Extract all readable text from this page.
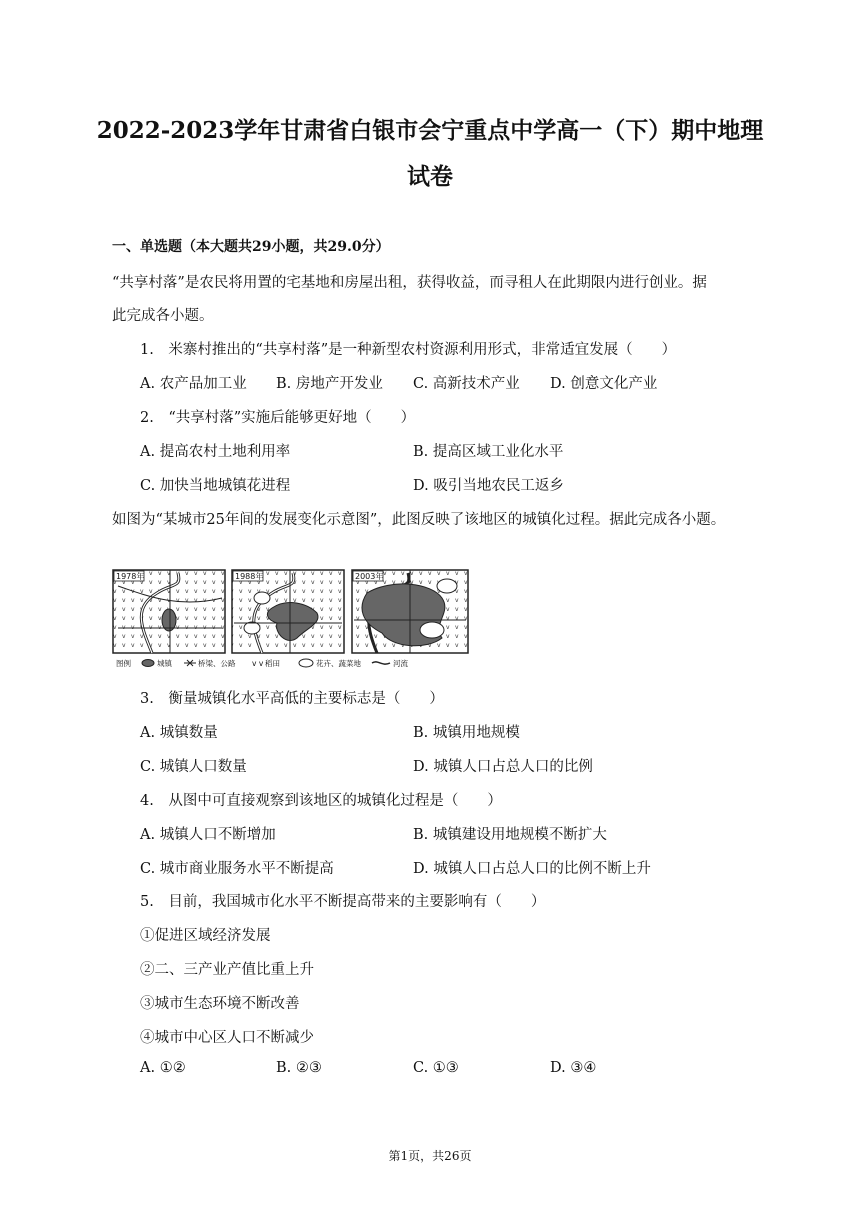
2022-2023学年甘肃省白银市会宁重点中学高一（下）期中地理
试卷
一、单选题（本大题共29小题，共29.0分）
“共享村落”是农民将用置的宅基地和房屋出租，获得收益，而寻租人在此期限内进行创业。据
此完成各小题。
1.　米寨村推出的“共享村落”是一种新型农村资源利用形式，非常适宜发展（　　）
A. 农产品加工业 B. 房地产开发业 C. 高新技术产业 D. 创意文化产业
2.　“共享村落”实施后能够更好地（　　）
A. 提高农村土地利用率	B. 提高区域工业化水平
C. 加快当地城镇花进程	D. 吸引当地农民工返乡
如图为“某城市25年间的发展变化示意图”，此图反映了该地区的城镇化过程。据此完成各小题。
1978年	1988年	2003年
图例	城镇	桥梁、公路 v v 稻田	花卉、蔬菜地	河流
3.　衡量城镇化水平高低的主要标志是（　　）
A. 城镇数量	B. 城镇用地规模
C. 城镇人口数量	D. 城镇人口占总人口的比例
4.　从图中可直接观察到该地区的城镇化过程是（　　）
A. 城镇人口不断增加	B. 城镇建设用地规模不断扩大
C. 城市商业服务水平不断提高	D. 城镇人口占总人口的比例不断上升
5.　目前，我国城市化水平不断提高带来的主要影响有（　　）
①促进区域经济发展
②二、三产业产值比重上升
③城市生态环境不断改善
④城市中心区人口不断减少
A. ①②	B. ②③	C. ①③	D. ③④
第1页，共26页
